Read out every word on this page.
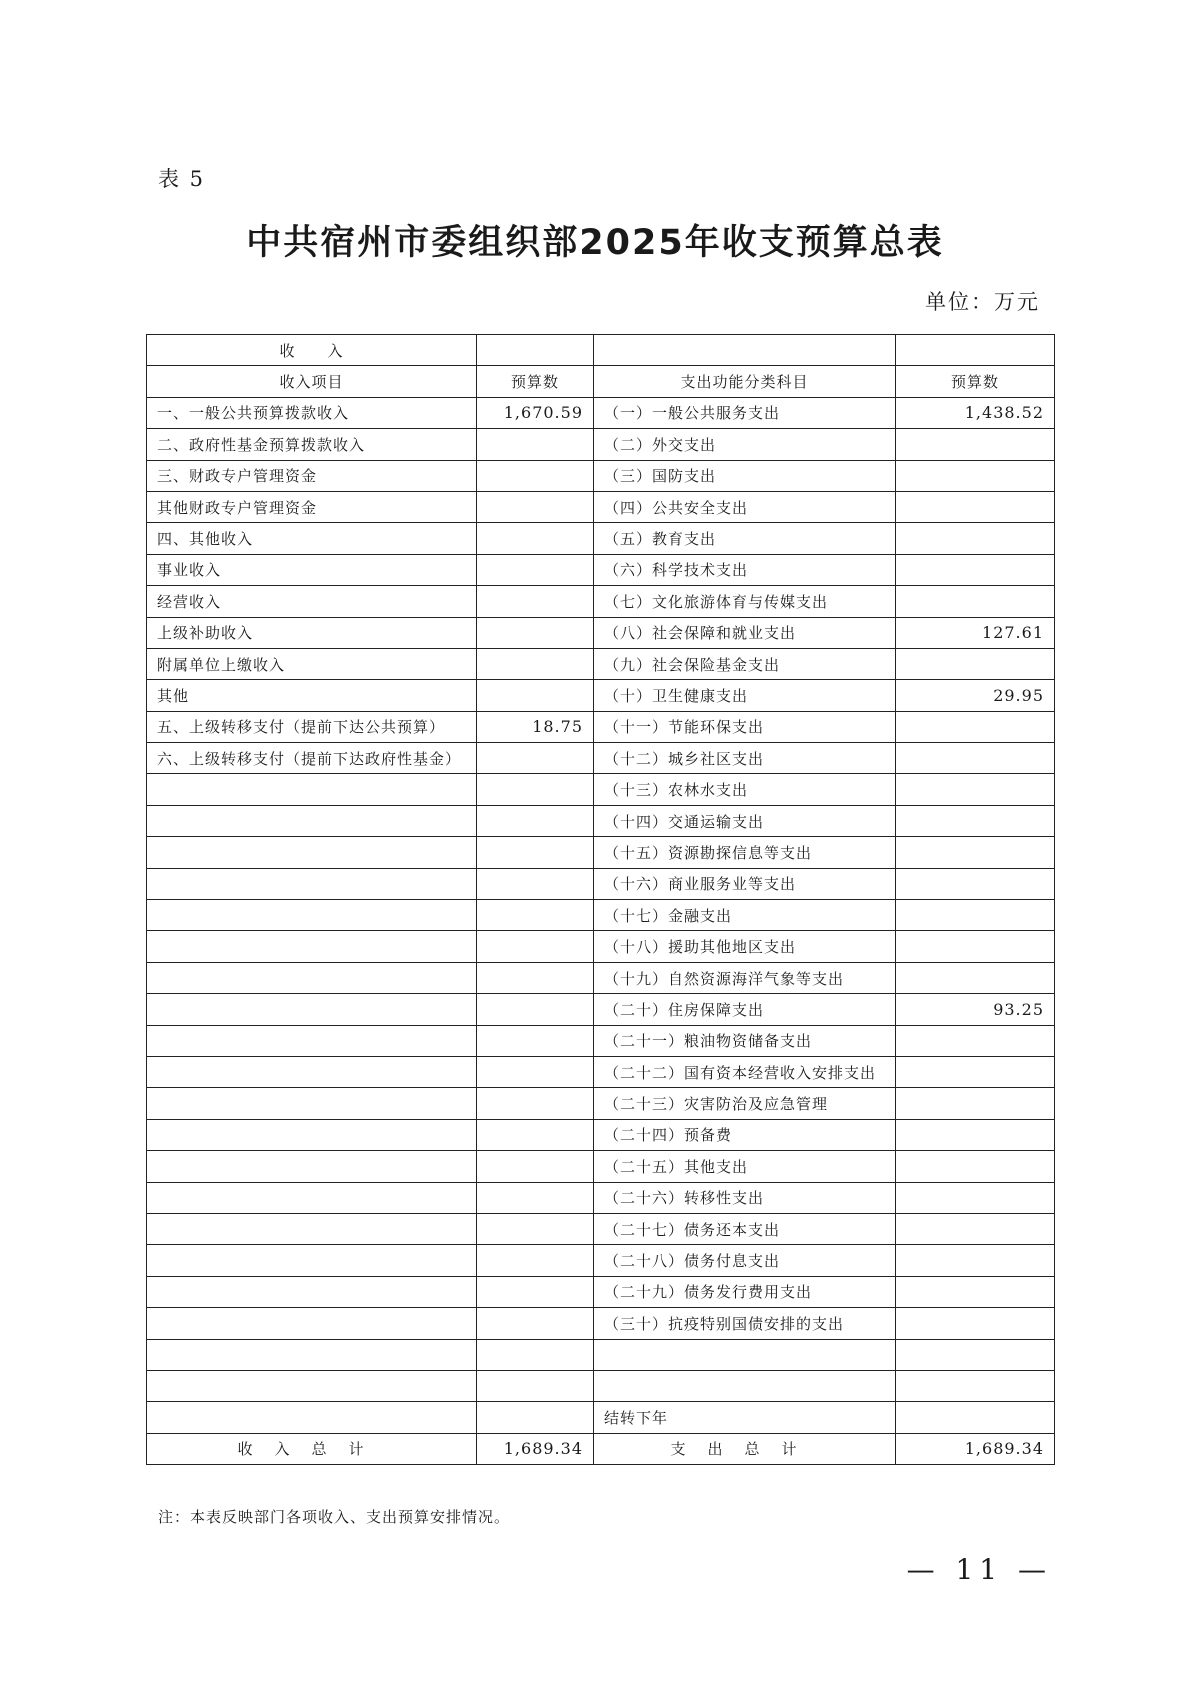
表 5
中共宿州市委组织部2025年收支预算总表
单位：万元
收　　入			
收入项目	预算数	支出功能分类科目	预算数
一、一般公共预算拨款收入	1,670.59	（一）一般公共服务支出	1,438.52
二、政府性基金预算拨款收入		（二）外交支出	
三、财政专户管理资金		（三）国防支出	
其他财政专户管理资金		（四）公共安全支出	
四、其他收入		（五）教育支出	
事业收入		（六）科学技术支出	
经营收入		（七）文化旅游体育与传媒支出	
上级补助收入		（八）社会保障和就业支出	127.61
附属单位上缴收入		（九）社会保险基金支出	
其他		（十）卫生健康支出	29.95
五、上级转移支付（提前下达公共预算）	18.75	（十一）节能环保支出	
六、上级转移支付（提前下达政府性基金）		（十二）城乡社区支出	
		（十三）农林水支出	
		（十四）交通运输支出	
		（十五）资源勘探信息等支出	
		（十六）商业服务业等支出	
		（十七）金融支出	
		（十八）援助其他地区支出	
		（十九）自然资源海洋气象等支出	
		（二十）住房保障支出	93.25
		（二十一）粮油物资储备支出	
		（二十二）国有资本经营收入安排支出	
		（二十三）灾害防治及应急管理	
		（二十四）预备费	
		（二十五）其他支出	
		（二十六）转移性支出	
		（二十七）债务还本支出	
		（二十八）债务付息支出	
		（二十九）债务发行费用支出	
		（三十）抗疫特别国债安排的支出	

		结转下年	
收入总计	1,689.34	支出总计	1,689.34
注：本表反映部门各项收入、支出预算安排情况。
— 11 —
